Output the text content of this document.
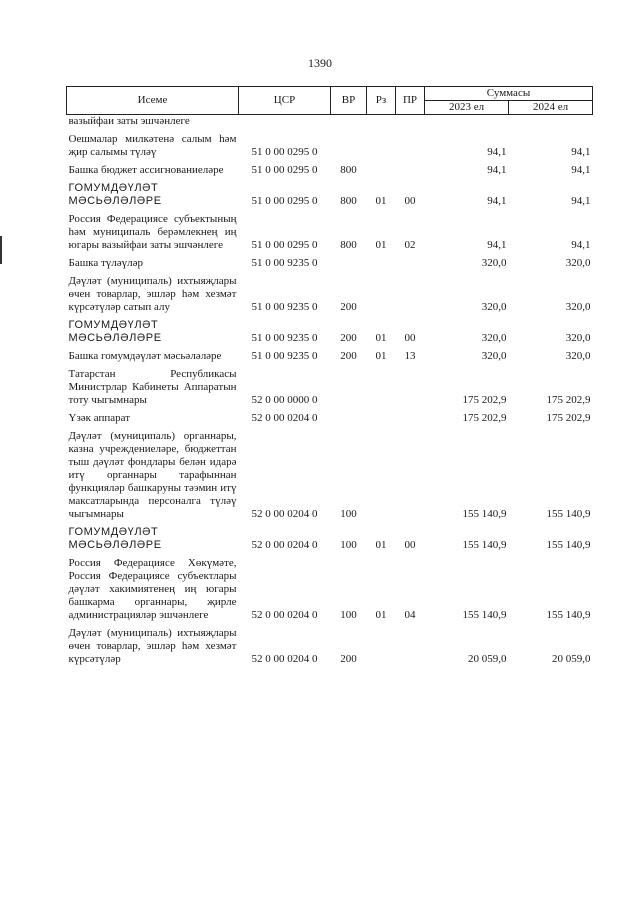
1390
Исеме	ЦСР	ВР	Рз	ПР	Суммасы	
					2023 ел	2024 ел
вазыйфаи заты эшчәнлеге						
Оешмалар милкәтенә салым һәм җир салымы түләү	51 0 00 0295 0				94,1	94,1
Башка бюджет ассигнованиеләре	51 0 00 0295 0	800			94,1	94,1
ГОМУМДӘҮЛӘТ МӘСЬӘЛӘЛӘРЕ	51 0 00 0295 0	800	01	00	94,1	94,1
Россия Федерациясе субъектының һәм муниципаль берәмлекнең иң югары вазыйфаи заты эшчәнлеге	51 0 00 0295 0	800	01	02	94,1	94,1
Башка түләүләр	51 0 00 9235 0				320,0	320,0
Дәүләт (муниципаль) ихтыяҗлары өчен товарлар, эшләр һәм хезмәт күрсәтүләр сатып алу	51 0 00 9235 0	200			320,0	320,0
ГОМУМДӘҮЛӘТ МӘСЬӘЛӘЛӘРЕ	51 0 00 9235 0	200	01	00	320,0	320,0
Башка гомумдәүләт мәсьәләләре	51 0 00 9235 0	200	01	13	320,0	320,0
Татарстан Республикасы Министрлар Кабинеты Аппаратын тоту чыгымнары	52 0 00 0000 0				175 202,9	175 202,9
Үзәк аппарат	52 0 00 0204 0				175 202,9	175 202,9
Дәүләт (муниципаль) органнары, казна учреждениеләре, бюджеттан тыш дәүләт фондлары белән идарә итү органнары тарафыннан функцияләр башкаруны тәэмин итү максатларында персоналга түләү чыгымнары	52 0 00 0204 0	100			155 140,9	155 140,9
ГОМУМДӘҮЛӘТ МӘСЬӘЛӘЛӘРЕ	52 0 00 0204 0	100	01	00	155 140,9	155 140,9
Россия Федерациясе Хөкүмәте, Россия Федерациясе субъектлары дәүләт хакимиятенең иң югары башкарма органнары, җирле администрацияләр эшчәнлеге	52 0 00 0204 0	100	01	04	155 140,9	155 140,9
Дәүләт (муниципаль) ихтыяҗлары өчен товарлар, эшләр һәм хезмәт күрсәтүләр	52 0 00 0204 0	200			20 059,0	20 059,0
